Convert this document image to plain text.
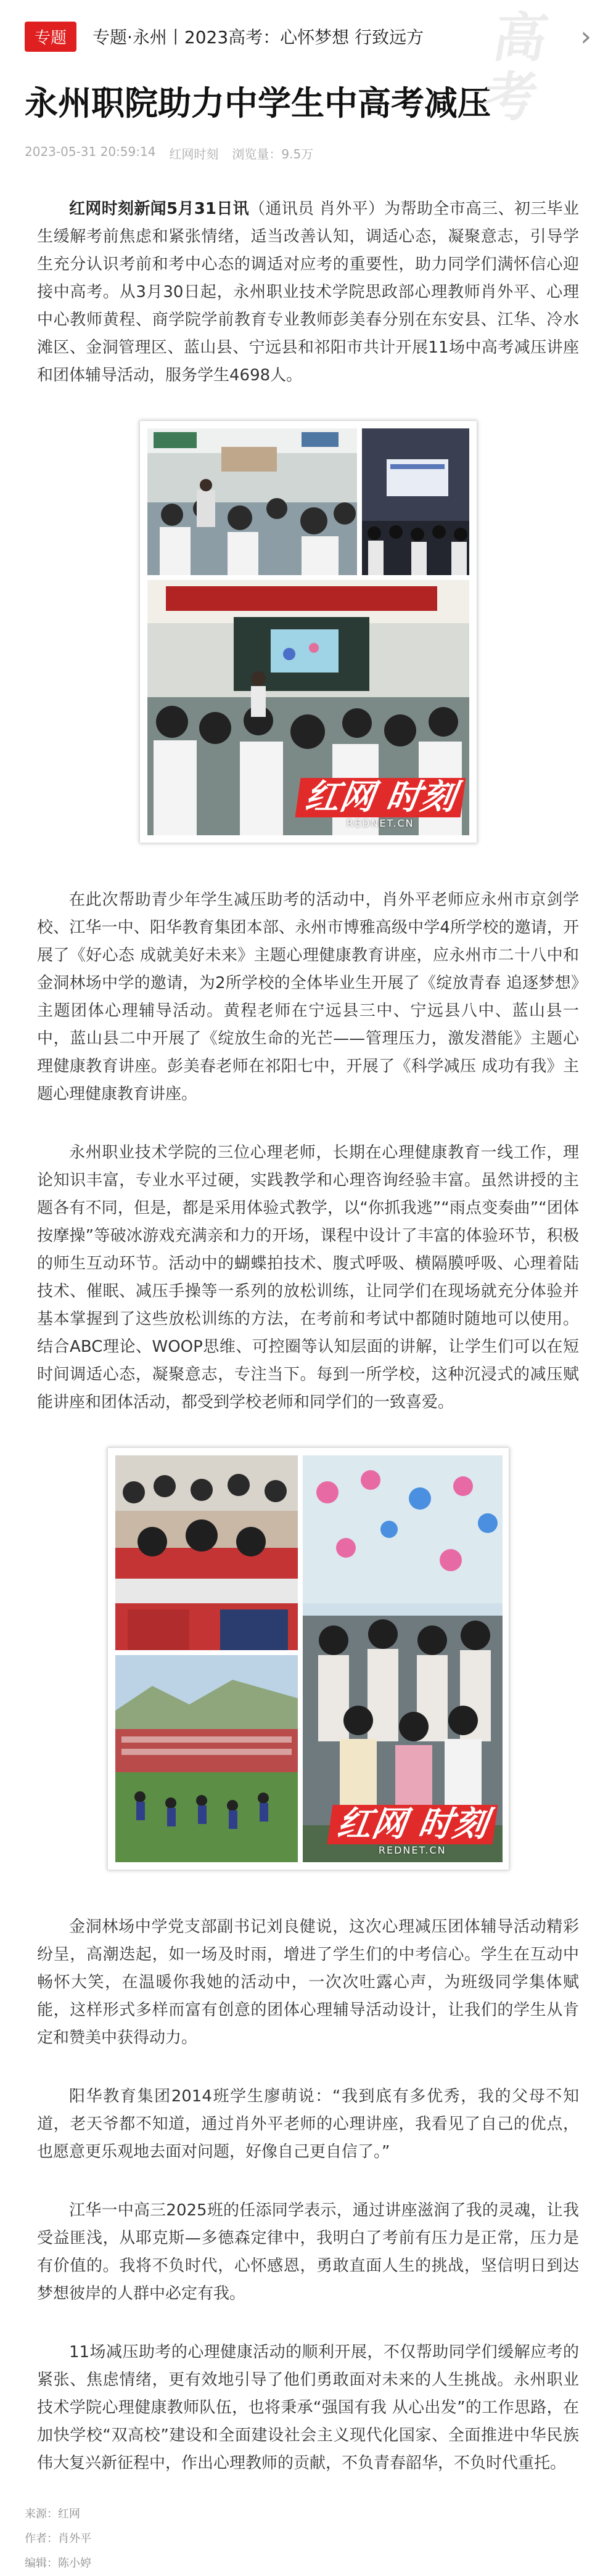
专题	专题·永州丨2023高考：心怀梦想 行致远方	高考
›
永州职院助力中学生中高考减压
2023-05-31 20:59:14 红网时刻 浏览量：9.5万

红网时刻新闻5月31日讯（通讯员 肖外平）为帮助全市高三、初三毕业生缓解考前焦虑和紧张情绪，适当改善认知，调适心态，凝聚意志，引导学生充分认识考前和考中心态的调适对应考的重要性，助力同学们满怀信心迎接中高考。从3月30日起，永州职业技术学院思政部心理教师肖外平、心理中心教师黄程、商学院学前教育专业教师彭美春分别在东安县、江华、冷水滩区、金洞管理区、蓝山县、宁远县和祁阳市共计开展11场中高考减压讲座和团体辅导活动，服务学生4698人。

红网 时刻
REDNET.CN

在此次帮助青少年学生减压助考的活动中，肖外平老师应永州市京剑学校、江华一中、阳华教育集团本部、永州市博雅高级中学4所学校的邀请，开展了《好心态 成就美好未来》主题心理健康教育讲座，应永州市二十八中和金洞林场中学的邀请，为2所学校的全体毕业生开展了《绽放青春 追逐梦想》主题团体心理辅导活动。黄程老师在宁远县三中、宁远县八中、蓝山县一中，蓝山县二中开展了《绽放生命的光芒——管理压力，激发潜能》主题心理健康教育讲座。彭美春老师在祁阳七中，开展了《科学减压 成功有我》主题心理健康教育讲座。

永州职业技术学院的三位心理老师，长期在心理健康教育一线工作，理论知识丰富，专业水平过硬，实践教学和心理咨询经验丰富。虽然讲授的主题各有不同，但是，都是采用体验式教学，以“你抓我逃”“雨点变奏曲”“团体按摩操”等破冰游戏充满亲和力的开场，课程中设计了丰富的体验环节，积极的师生互动环节。活动中的蝴蝶拍技术、腹式呼吸、横隔膜呼吸、心理着陆技术、催眠、减压手操等一系列的放松训练，让同学们在现场就充分体验并基本掌握到了这些放松训练的方法，在考前和考试中都随时随地可以使用。结合ABC理论、WOOP思维、可控圈等认知层面的讲解，让学生们可以在短时间调适心态，凝聚意志，专注当下。每到一所学校，这种沉浸式的减压赋能讲座和团体活动，都受到学校老师和同学们的一致喜爱。

红网 时刻
REDNET.CN

金洞林场中学党支部副书记刘良健说，这次心理减压团体辅导活动精彩纷呈，高潮迭起，如一场及时雨，增进了学生们的中考信心。学生在互动中畅怀大笑，在温暖你我她的活动中，一次次吐露心声，为班级同学集体赋能，这样形式多样而富有创意的团体心理辅导活动设计，让我们的学生从肯定和赞美中获得动力。

阳华教育集团2014班学生廖萌说：“我到底有多优秀，我的父母不知道，老天爷都不知道，通过肖外平老师的心理讲座，我看见了自己的优点，也愿意更乐观地去面对问题，好像自己更自信了。”

江华一中高三2025班的任添同学表示，通过讲座滋润了我的灵魂，让我受益匪浅，从耶克斯—多德森定律中，我明白了考前有压力是正常，压力是有价值的。我将不负时代，心怀感恩，勇敢直面人生的挑战，坚信明日到达梦想彼岸的人群中必定有我。

11场减压助考的心理健康活动的顺利开展，不仅帮助同学们缓解应考的紧张、焦虑情绪，更有效地引导了他们勇敢面对未来的人生挑战。永州职业技术学院心理健康教师队伍，也将秉承“强国有我 从心出发”的工作思路，在加快学校“双高校”建设和全面建设社会主义现代化国家、全面推进中华民族伟大复兴新征程中，作出心理教师的贡献，不负青春韶华，不负时代重托。

来源：红网
作者：肖外平
编辑：陈小婷
